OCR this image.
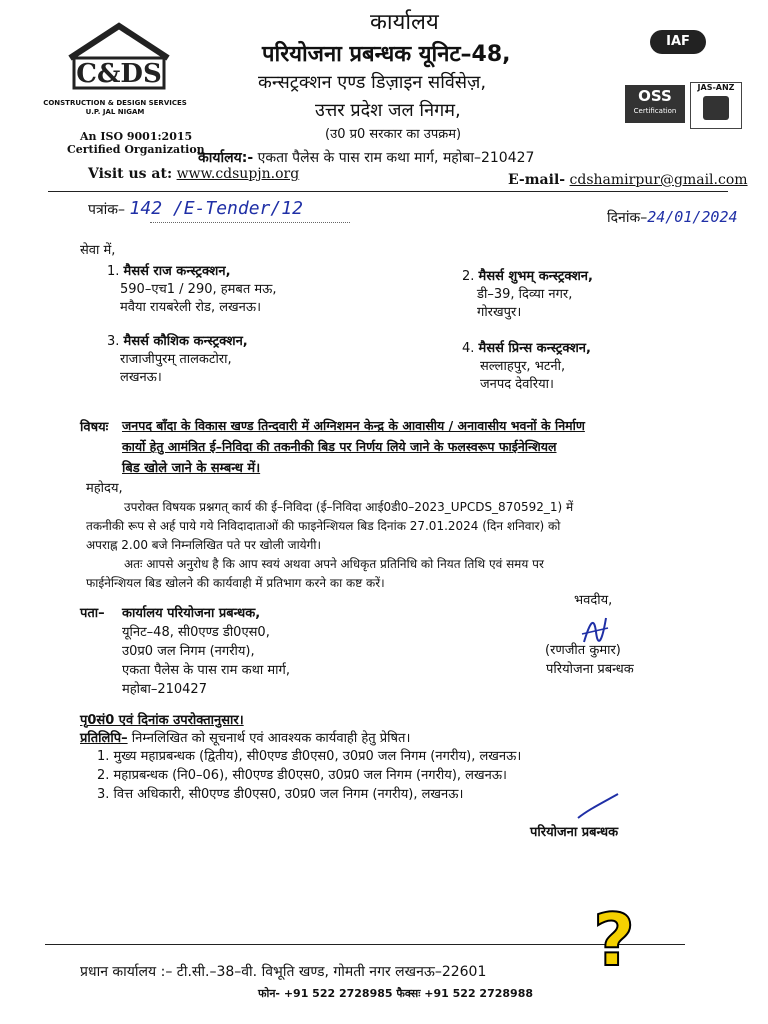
C&DS
CONSTRUCTION & DESIGN SERVICES
U.P. JAL NIGAM
कार्यालय
परियोजना प्रबन्धक यूनिट–48,
कन्सट्रक्शन एण्ड डिज़ाइन सर्विसेज़,
उत्तर प्रदेश जल निगम,
(उ0 प्र0 सरकार का उपक्रम)
IAF
OSS
Certification
JAS-ANZ
An ISO 9001:2015
Certified Organization
कार्यालय:- एकता पैलेस के पास राम कथा मार्ग, महोबा–210427
Visit us at: www.cdsupjn.org	E-mail- cdshamirpur@gmail.com
पत्रांक– 142 /E-Tender/12	दिनांक–24/01/2024
सेवा में,
1. मैसर्स राज कन्स्ट्रक्शन,
590–एच1 / 290, हमबत मऊ,
मवैया रायबरेली रोड, लखनऊ।
2. मैसर्स शुभम् कन्स्ट्रक्शन,
डी–39, दिव्या नगर,
गोरखपुर।
3. मैसर्स कौशिक कन्स्ट्रक्शन,
राजाजीपुरम् तालकटोरा,
लखनऊ।
4. मैसर्स प्रिन्स कन्स्ट्रक्शन,
सल्लाहपुर, भटनी,
जनपद देवरिया।
विषयः जनपद बाँदा के विकास खण्ड तिन्दवारी में अग्निशमन केन्द्र के आवासीय / अनावासीय भवनों के निर्माण
कार्यो हेतु आमंत्रित ई–निविदा की तकनीकी बिड पर निर्णय लिये जाने के फलस्वरूप फाईनेन्शियल
बिड खोले जाने के सम्बन्ध में।
महोदय,
उपरोक्त विषयक प्रश्नगत् कार्य की ई–निविदा (ई–निविदा आई0डी0–2023_UPCDS_870592_1) में
तकनीकी रूप से अर्ह पाये गये निविदादाताओं की फाइनेन्शियल बिड दिनांक 27.01.2024 (दिन शनिवार) को
अपराह्न 2.00 बजे निम्नलिखित पते पर खोली जायेगी।
अतः आपसे अनुरोध है कि आप स्वयं अथवा अपने अधिकृत प्रतिनिधि को नियत तिथि एवं समय पर
फाईनेन्शियल बिड खोलने की कार्यवाही में प्रतिभाग करने का कष्ट करें।
भवदीय,
पता– कार्यालय परियोजना प्रबन्धक,
यूनिट–48, सी0एण्ड डी0एस0,
उ0प्र0 जल निगम (नगरीय),
एकता पैलेस के पास राम कथा मार्ग,
महोबा–210427
(रणजीत कुमार)
परियोजना प्रबन्धक
पृ0सं0 एवं दिनांक उपरोक्तानुसार।
प्रतिलिपि– निम्नलिखित को सूचनार्थ एवं आवश्यक कार्यवाही हेतु प्रेषित।
1. मुख्य महाप्रबन्धक (द्वितीय), सी0एण्ड डी0एस0, उ0प्र0 जल निगम (नगरीय), लखनऊ।
2. महाप्रबन्धक (नि0–06), सी0एण्ड डी0एस0, उ0प्र0 जल निगम (नगरीय), लखनऊ।
3. वित्त अधिकारी, सी0एण्ड डी0एस0, उ0प्र0 जल निगम (नगरीय), लखनऊ।
परियोजना प्रबन्धक
प्रधान कार्यालय :– टी.सी.–38–वी. विभूति खण्ड, गोमती नगर लखनऊ–22601
फोन- +91 522 2728985 फैक्सः +91 522 2728988
?
